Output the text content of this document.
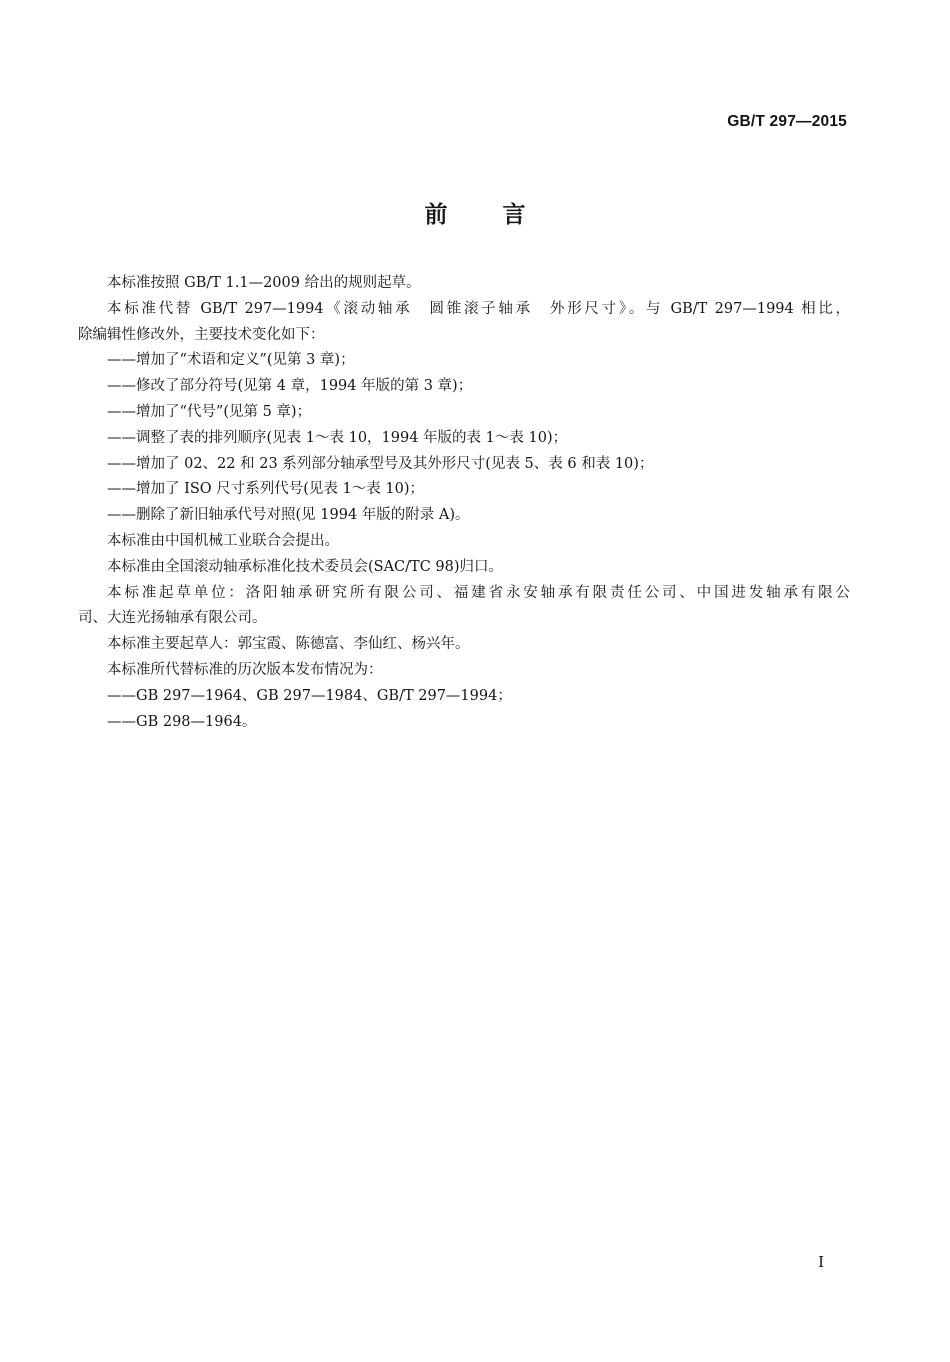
GB/T 297—2015
前言

本标准按照 GB/T 1.1—2009 给出的规则起草。

本标准代替 GB/T 297—1994《滚动轴承　圆锥滚子轴承　外形尺寸》。与 GB/T 297—1994 相比，

除编辑性修改外，主要技术变化如下：

——增加了“术语和定义”(见第 3 章)；

——修改了部分符号(见第 4 章，1994 年版的第 3 章)；

——增加了“代号”(见第 5 章)；

——调整了表的排列顺序(见表 1～表 10，1994 年版的表 1～表 10)；

——增加了 02、22 和 23 系列部分轴承型号及其外形尺寸(见表 5、表 6 和表 10)；

——增加了 ISO 尺寸系列代号(见表 1～表 10)；

——删除了新旧轴承代号对照(见 1994 年版的附录 A)。

本标准由中国机械工业联合会提出。

本标准由全国滚动轴承标准化技术委员会(SAC/TC 98)归口。

本标准起草单位：洛阳轴承研究所有限公司、福建省永安轴承有限责任公司、中国进发轴承有限公

司、大连光扬轴承有限公司。

本标准主要起草人：郭宝霞、陈德富、李仙红、杨兴年。

本标准所代替标准的历次版本发布情况为：

——GB 297—1964、GB 297—1984、GB/T 297—1994；

——GB 298—1964。

I
